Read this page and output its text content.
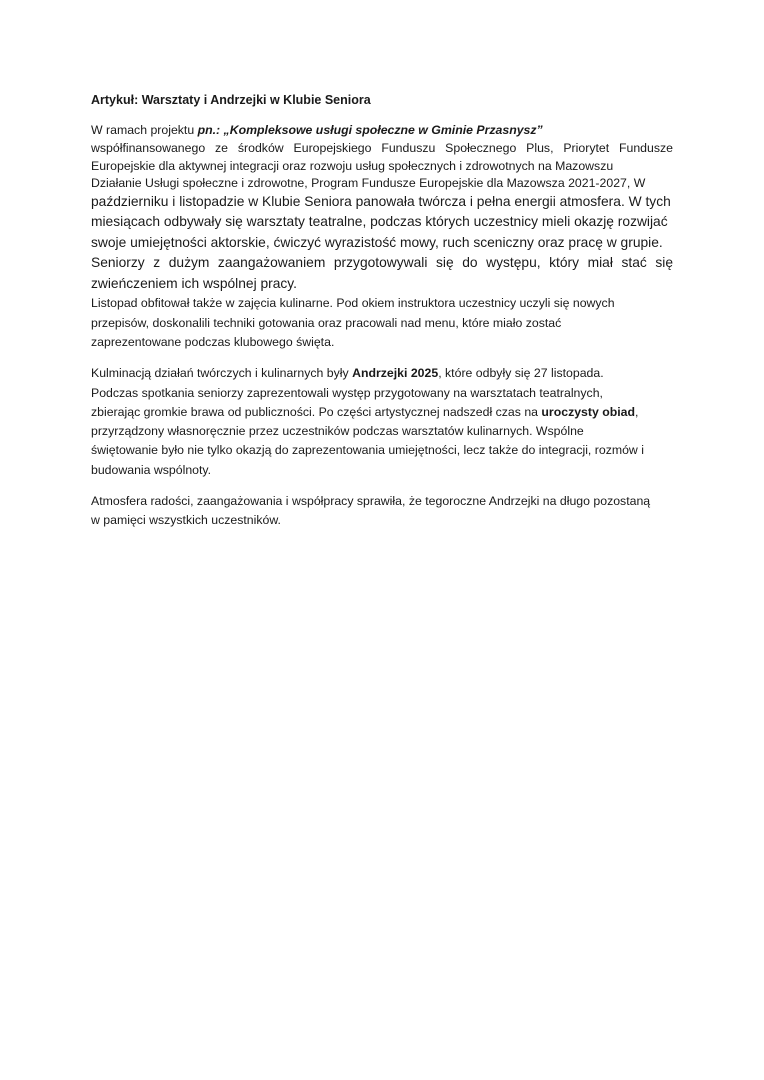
Artykuł: Warsztaty i Andrzejki w Klubie Seniora
W ramach projektu pn.: „Kompleksowe usługi społeczne w Gminie Przasnysz”
współfinansowanego ze środków Europejskiego Funduszu Społecznego Plus, Priorytet Fundusze
Europejskie dla aktywnej integracji oraz rozwoju usług społecznych i zdrowotnych na Mazowszu
Działanie Usługi społeczne i zdrowotne, Program Fundusze Europejskie dla Mazowsza 2021-2027, W
październiku i listopadzie w Klubie Seniora panowała twórcza i pełna energii atmosfera. W tych
miesiącach odbywały się warsztaty teatralne, podczas których uczestnicy mieli okazję rozwijać
swoje umiejętności aktorskie, ćwiczyć wyrazistość mowy, ruch sceniczny oraz pracę w grupie.
Seniorzy z dużym zaangażowaniem przygotowywali się do występu, który miał stać się
zwieńczeniem ich wspólnej pracy.
Listopad obfitował także w zajęcia kulinarne. Pod okiem instruktora uczestnicy uczyli się nowych
przepisów, doskonalili techniki gotowania oraz pracowali nad menu, które miało zostać
zaprezentowane podczas klubowego święta.
Kulminacją działań twórczych i kulinarnych były Andrzejki 2025, które odbyły się 27 listopada.
Podczas spotkania seniorzy zaprezentowali występ przygotowany na warsztatach teatralnych,
zbierając gromkie brawa od publiczności. Po części artystycznej nadszedł czas na uroczysty obiad,
przyrządzony własnoręcznie przez uczestników podczas warsztatów kulinarnych. Wspólne
świętowanie było nie tylko okazją do zaprezentowania umiejętności, lecz także do integracji, rozmów i
budowania wspólnoty.
Atmosfera radości, zaangażowania i współpracy sprawiła, że tegoroczne Andrzejki na długo pozostaną
w pamięci wszystkich uczestników.
